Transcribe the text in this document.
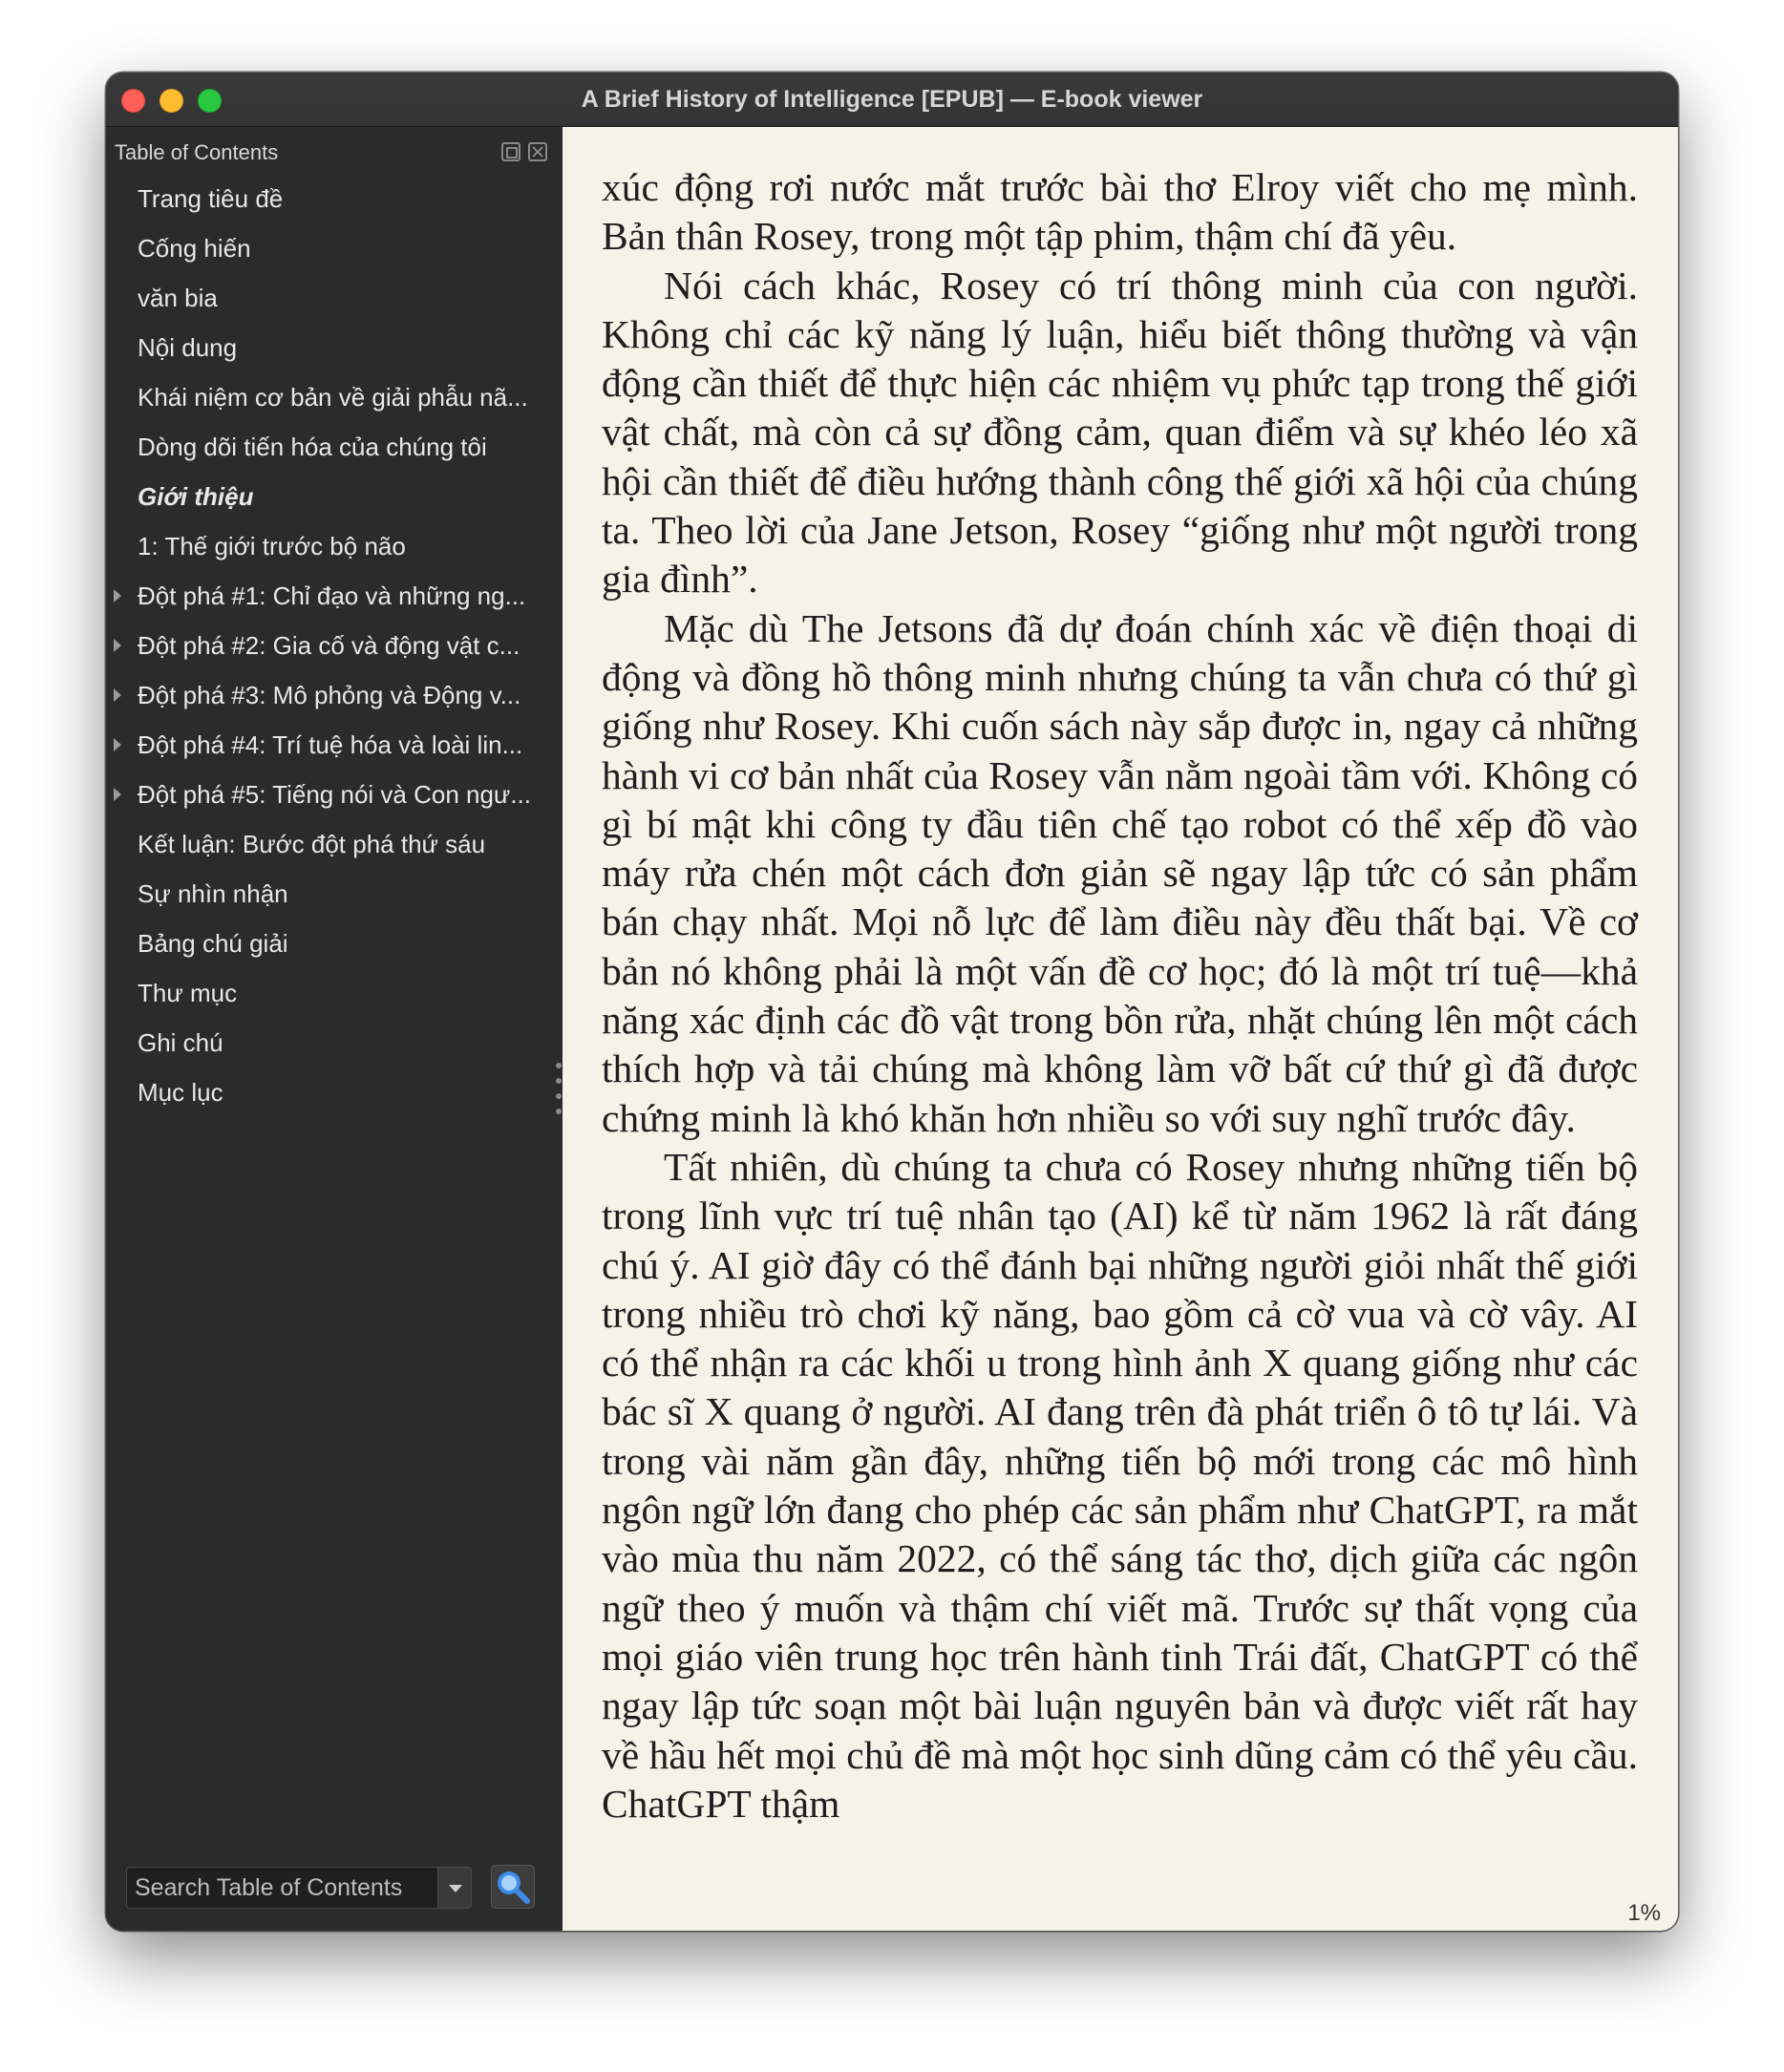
A Brief History of Intelligence [EPUB] — E-book viewer
Table of Contents
Trang tiêu đề
Cống hiến
văn bia
Nội dung
Khái niệm cơ bản về giải phẫu nã...
Dòng dõi tiến hóa của chúng tôi
Giới thiệu
1: Thế giới trước bộ não
Đột phá #1: Chỉ đạo và những ng...
Đột phá #2: Gia cố và động vật c...
Đột phá #3: Mô phỏng và Động v...
Đột phá #4: Trí tuệ hóa và loài lin...
Đột phá #5: Tiếng nói và Con ngư...
Kết luận: Bước đột phá thứ sáu
Sự nhìn nhận
Bảng chú giải
Thư mục
Ghi chú
Mục lục
Search Table of Contents

xúc động rơi nước mắt trước bài thơ Elroy viết cho mẹ mình. Bản thân Rosey, trong một tập phim, thậm chí đã yêu.

Nói cách khác, Rosey có trí thông minh của con người. Không chỉ các kỹ năng lý luận, hiểu biết thông thường và vận động cần thiết để thực hiện các nhiệm vụ phức tạp trong thế giới vật chất, mà còn cả sự đồng cảm, quan điểm và sự khéo léo xã hội cần thiết để điều hướng thành công thế giới xã hội của chúng ta. Theo lời của Jane Jetson, Rosey “giống như một người trong gia đình”.

Mặc dù The Jetsons đã dự đoán chính xác về điện thoại di động và đồng hồ thông minh nhưng chúng ta vẫn chưa có thứ gì giống như Rosey. Khi cuốn sách này sắp được in, ngay cả những hành vi cơ bản nhất của Rosey vẫn nằm ngoài tầm với. Không có gì bí mật khi công ty đầu tiên chế tạo robot có thể xếp đồ vào máy rửa chén một cách đơn giản sẽ ngay lập tức có sản phẩm bán chạy nhất. Mọi nỗ lực để làm điều này đều thất bại. Về cơ bản nó không phải là một vấn đề cơ học; đó là một trí tuệ—khả năng xác định các đồ vật trong bồn rửa, nhặt chúng lên một cách thích hợp và tải chúng mà không làm vỡ bất cứ thứ gì đã được chứng minh là khó khăn hơn nhiều so với suy nghĩ trước đây.

Tất nhiên, dù chúng ta chưa có Rosey nhưng những tiến bộ trong lĩnh vực trí tuệ nhân tạo (AI) kể từ năm 1962 là rất đáng chú ý. AI giờ đây có thể đánh bại những người giỏi nhất thế giới trong nhiều trò chơi kỹ năng, bao gồm cả cờ vua và cờ vây. AI có thể nhận ra các khối u trong hình ảnh X quang giống như các bác sĩ X quang ở người. AI đang trên đà phát triển ô tô tự lái. Và trong vài năm gần đây, những tiến bộ mới trong các mô hình ngôn ngữ lớn đang cho phép các sản phẩm như ChatGPT, ra mắt vào mùa thu năm 2022, có thể sáng tác thơ, dịch giữa các ngôn ngữ theo ý muốn và thậm chí viết mã. Trước sự thất vọng của mọi giáo viên trung học trên hành tinh Trái đất, ChatGPT có thể ngay lập tức soạn một bài luận nguyên bản và được viết rất hay về hầu hết mọi chủ đề mà một học sinh dũng cảm có thể yêu cầu. ChatGPT thậm

1%
